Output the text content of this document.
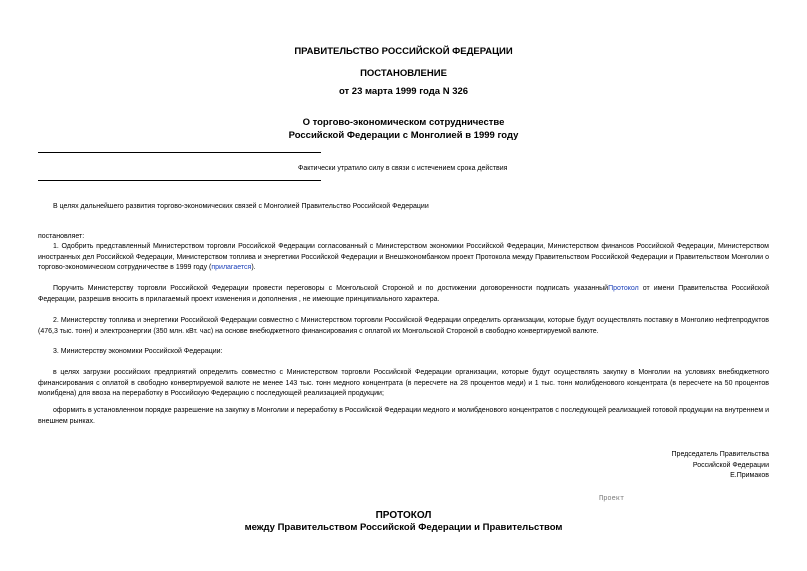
ПРАВИТЕЛЬСТВО РОССИЙСКОЙ ФЕДЕРАЦИИ
ПОСТАНОВЛЕНИЕ
от 23 марта 1999 года N 326
О торгово-экономическом сотрудничестве
Российской Федерации с Монголией в 1999 году
Фактически утратило силу в связи с истечением срока действия
В целях дальнейшего развития торгово-экономических связей с Монголией Правительство Российской Федерации
постановляет:
1. Одобрить представленный Министерством торговли Российской Федерации согласованный с Министерством экономики Российской Федерации, Министерством финансов Российской Федерации, Министерством иностранных дел Российской Федерации, Министерством топлива и энергетики Российской Федерации и Внешэкономбанком проект Протокола между Правительством Российской Федерации и Правительством Монголии о торгово-экономическом сотрудничестве в 1999 году (прилагается).
Поручить Министерству торговли Российской Федерации провести переговоры с Монгольской Стороной и по достижении договоренности подписать указанныйПротокол от имени Правительства Российской Федерации, разрешив вносить в прилагаемый проект изменения и дополнения , не имеющие принципиального характера.
2. Министерству топлива и энергетики Российской Федерации совместно с Министерством торговли Российской Федерации определить организации, которые будут осуществлять поставку в Монголию нефтепродуктов (476,3 тыс. тонн) и электроэнергии (350 млн. кВт. час) на основе внебюджетного финансирования с оплатой их Монгольской Стороной в свободно конвертируемой валюте.
3. Министерству экономики Российской Федерации:
в целях загрузки российских предприятий определить совместно с Министерством торговли Российской Федерации организации, которые будут осуществлять закупку в Монголии на условиях внебюджетного финансирования с оплатой в свободно конвертируемой валюте не менее 143 тыс. тонн медного концентрата (в пересчете на 28 процентов меди) и 1 тыс. тонн молибденового концентрата (в пересчете на 50 процентов молибдена) для ввоза на переработку в Российскую Федерацию с последующей реализацией продукции;
оформить в установленном порядке разрешение на закупку в Монголии и переработку в Российской Федерации медного и молибденового концентратов с последующей реализацией готовой продукции на внутреннем и внешнем рынках.
Председатель Правительства
Российской Федерации
Е.Примаков
Проект
ПРОТОКОЛ
между Правительством Российской Федерации и Правительством
